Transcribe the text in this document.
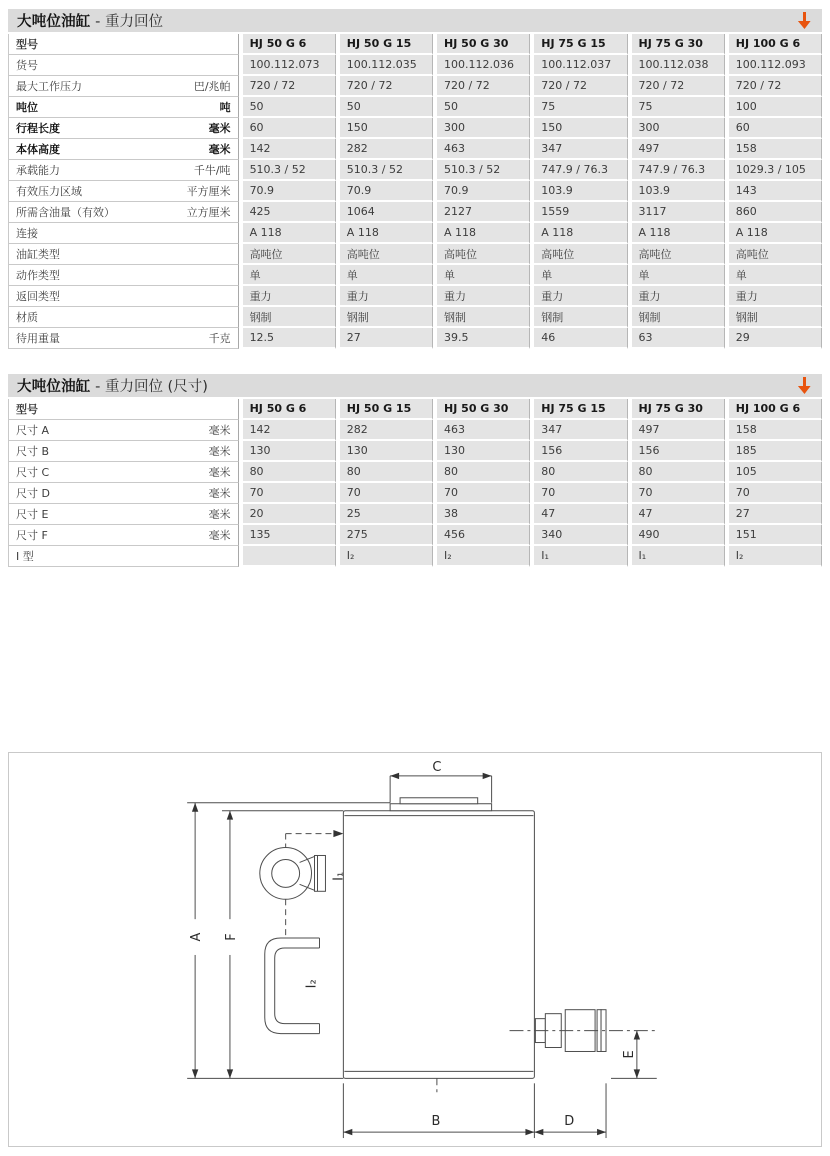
大吨位油缸 - 重力回位
型号	HJ 50 G 6	HJ 50 G 15	HJ 50 G 30	HJ 75 G 15	HJ 75 G 30	HJ 100 G 6

货号	100.112.073	100.112.035	100.112.036	100.112.037	100.112.038	100.112.093

最大工作压力 巴/兆帕	720 / 72	720 / 72	720 / 72	720 / 72	720 / 72	720 / 72

吨位 吨	50	50	50	75	75	100

行程长度 毫米	60	150	300	150	300	60

本体高度 毫米	142	282	463	347	497	158

承载能力 千牛/吨	510.3 / 52	510.3 / 52	510.3 / 52	747.9 / 76.3	747.9 / 76.3	1029.3 / 105

有效压力区域 平方厘米	70.9	70.9	70.9	103.9	103.9	143

所需含油量（有效） 立方厘米	425	1064	2127	1559	3117	860

连接	A 118	A 118	A 118	A 118	A 118	A 118

油缸类型	高吨位	高吨位	高吨位	高吨位	高吨位	高吨位

动作类型	单	单	单	单	单	单

返回类型	重力	重力	重力	重力	重力	重力

材质	钢制	钢制	钢制	钢制	钢制	钢制

待用重量 千克	12.5	27	39.5	46	63	29
大吨位油缸 - 重力回位 (尺寸)
型号	HJ 50 G 6	HJ 50 G 15	HJ 50 G 30	HJ 75 G 15	HJ 75 G 30	HJ 100 G 6

尺寸 A 毫米	142	282	463	347	497	158

尺寸 B 毫米	130	130	130	156	156	185

尺寸 C 毫米	80	80	80	80	80	105

尺寸 D 毫米	70	70	70	70	70	70

尺寸 E 毫米	20	25	38	47	47	27

尺寸 F 毫米	135	275	456	340	490	151

I 型		I₂	I₂	I₁	I₁	I₂
C
A F
I₁
I₂
E
B	D
